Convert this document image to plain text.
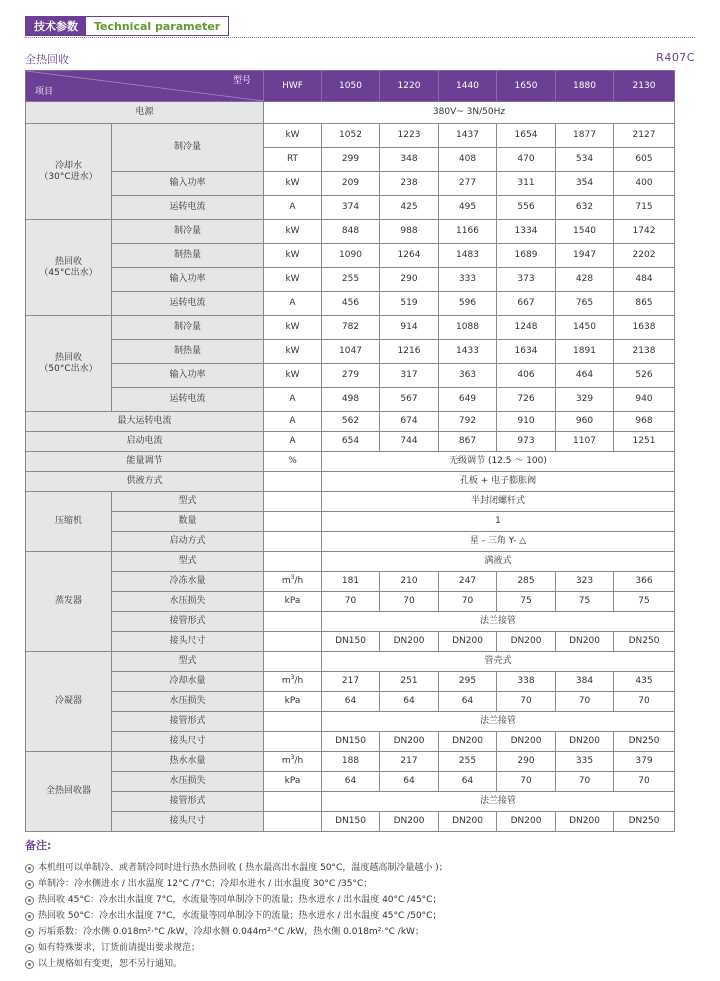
技术参数	Technical parameter
全热回收	R407C
型号
项目		HWF	1050	1220	1440	1650	1880	2130
电源		380V~ 3N/50Hz						
冷却水
（30°C进水）	制冷量	kW	1052	1223	1437	1654	1877	2127
		RT	299	348	408	470	534	605
	输入功率	kW	209	238	277	311	354	400
	运转电流	A	374	425	495	556	632	715
热回收
（45°C出水）	制冷量	kW	848	988	1166	1334	1540	1742
	制热量	kW	1090	1264	1483	1689	1947	2202
	输入功率	kW	255	290	333	373	428	484
	运转电流	A	456	519	596	667	765	865
热回收
（50°C出水）	制冷量	kW	782	914	1088	1248	1450	1638
	制热量	kW	1047	1216	1433	1634	1891	2138
	输入功率	kW	279	317	363	406	464	526
	运转电流	A	498	567	649	726	329	940
最大运转电流		A	562	674	792	910	960	968
启动电流		A	654	744	867	973	1107	1251
能量调节		%	无级调节 (12.5 ～ 100)					
供液方式			孔板 + 电子膨胀阀					
压缩机	型式		半封闭螺杆式					
	数量		1					
	启动方式		星 - 三角 Y- △					
蒸发器	型式		满液式					
	冷冻水量	$m^3/h$	181	210	247	285	323	366
	水压损失	kPa	70	70	70	75	75	75
	接管形式		法兰接管					
	接头尺寸		DN150	DN200	DN200	DN200	DN200	DN250
冷凝器	型式		管壳式					
	冷却水量	$m^3/h$	217	251	295	338	384	435
	水压损失	kPa	64	64	64	70	70	70
	接管形式		法兰接管					
	接头尺寸		DN150	DN200	DN200	DN200	DN200	DN250
全热回收器	热水水量	$m^3/h$	188	217	255	290	335	379
	水压损失	kPa	64	64	64	70	70	70
	接管形式		法兰接管					
	接头尺寸		DN150	DN200	DN200	DN200	DN200	DN250
备注:
本机组可以单制冷、或者制冷同时进行热水热回收 ( 热水最高出水温度 50°C，温度越高制冷量越小 )；
单制冷：冷水侧进水 / 出水温度 12°C /7°C；冷却水进水 / 出水温度 30°C /35°C；
热回收 45°C：冷水出水温度 7°C，水流量等同单制冷下的流量；热水进水 / 出水温度 40°C /45°C；
热回收 50°C：冷水出水温度 7°C，水流量等同单制冷下的流量；热水进水 / 出水温度 45°C /50°C；
污垢系数：冷水侧 0.018m²·°C /kW，冷却水侧 0.044m²·°C /kW，热水侧 0.018m²·°C /kW；
如有特殊要求，订货前请提出要求规范；
以上规格如有变更，恕不另行通知。
